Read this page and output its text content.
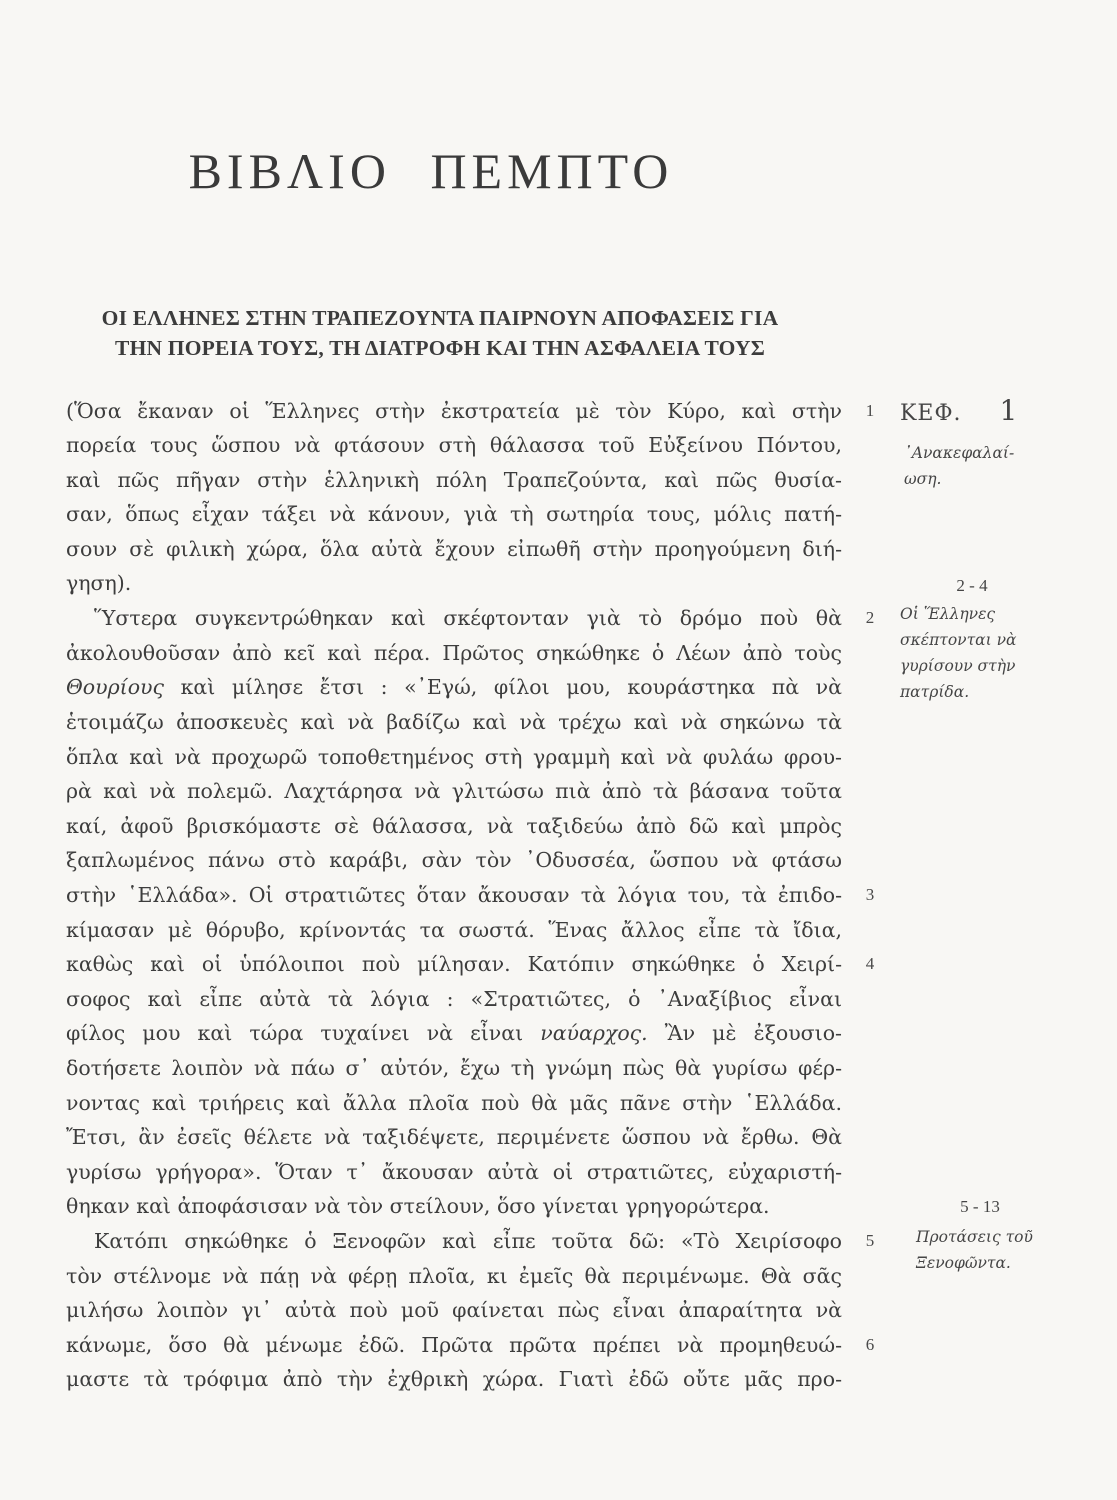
ΒΙΒΛΙΟ ΠΕΜΠΤΟ
ΟΙ ΕΛΛΗΝΕΣ ΣΤΗΝ ΤΡΑΠΕΖΟΥΝΤΑ ΠΑΙΡΝΟΥΝ ΑΠΟΦΑΣΕΙΣ ΓΙΑ
ΤΗΝ ΠΟΡΕΙΑ ΤΟΥΣ, ΤΗ ΔΙΑΤΡΟΦΗ ΚΑΙ ΤΗΝ ΑΣΦΑΛΕΙΑ ΤΟΥΣ
(Ὅσα ἔκαναν οἱ Ἕλληνες στὴν ἐκστρατεία μὲ τὸν Κύρο, καὶ στὴν
πορεία τους ὥσπου νὰ φτάσουν στὴ θάλασσα τοῦ Εὐξείνου Πόντου,
καὶ πῶς πῆγαν στὴν ἑλληνικὴ πόλη Τραπεζούντα, καὶ πῶς θυσία-
σαν, ὅπως εἶχαν τάξει νὰ κάνουν, γιὰ τὴ σωτηρία τους, μόλις πατή-
σουν σὲ φιλικὴ χώρα, ὅλα αὐτὰ ἔχουν εἰπωθῆ στὴν προηγούμενη διή-
γηση).
Ὕστερα συγκεντρώθηκαν καὶ σκέφτονταν γιὰ τὸ δρόμο ποὺ θὰ
ἀκολουθοῦσαν ἀπὸ κεῖ καὶ πέρα. Πρῶτος σηκώθηκε ὁ Λέων ἀπὸ τοὺς
Θουρίους καὶ μίλησε ἔτσι : «᾿Εγώ, φίλοι μου, κουράστηκα πὰ νὰ
ἑτοιμάζω ἀποσκευὲς καὶ νὰ βαδίζω καὶ νὰ τρέχω καὶ νὰ σηκώνω τὰ
ὅπλα καὶ νὰ προχωρῶ τοποθετημένος στὴ γραμμὴ καὶ νὰ φυλάω φρου-
ρὰ καὶ νὰ πολεμῶ. Λαχτάρησα νὰ γλιτώσω πιὰ ἀπὸ τὰ βάσανα τοῦτα
καί, ἀφοῦ βρισκόμαστε σὲ θάλασσα, νὰ ταξιδεύω ἀπὸ δῶ καὶ μπρὸς
ξαπλωμένος πάνω στὸ καράβι, σὰν τὸν ᾿Οδυσσέα, ὥσπου νὰ φτάσω
στὴν ῾Ελλάδα». Οἱ στρατιῶτες ὅταν ἄκουσαν τὰ λόγια του, τὰ ἐπιδο-
κίμασαν μὲ θόρυβο, κρίνοντάς τα σωστά. Ἕνας ἄλλος εἶπε τὰ ἴδια,
καθὼς καὶ οἱ ὑπόλοιποι ποὺ μίλησαν. Κατόπιν σηκώθηκε ὁ Χειρί-
σοφος καὶ εἶπε αὐτὰ τὰ λόγια : «Στρατιῶτες, ὁ ᾿Αναξίβιος εἶναι
φίλος μου καὶ τώρα τυχαίνει νὰ εἶναι ναύαρχος. Ἂν μὲ ἐξουσιο-
δοτήσετε λοιπὸν νὰ πάω σ᾿ αὐτόν, ἔχω τὴ γνώμη πὼς θὰ γυρίσω φέρ-
νοντας καὶ τριήρεις καὶ ἄλλα πλοῖα ποὺ θὰ μᾶς πᾶνε στὴν ῾Ελλάδα.
Ἔτσι, ἂν ἐσεῖς θέλετε νὰ ταξιδέψετε, περιμένετε ὥσπου νὰ ἔρθω. Θὰ
γυρίσω γρήγορα». Ὅταν τ᾿ ἄκουσαν αὐτὰ οἱ στρατιῶτες, εὐχαριστή-
θηκαν καὶ ἀποφάσισαν νὰ τὸν στείλουν, ὅσο γίνεται γρηγορώτερα.
Κατόπι σηκώθηκε ὁ Ξενοφῶν καὶ εἶπε τοῦτα δῶ: «Τὸ Χειρίσοφο
τὸν στέλνομε νὰ πάῃ νὰ φέρῃ πλοῖα, κι ἐμεῖς θὰ περιμένωμε. Θὰ σᾶς
μιλήσω λοιπὸν γι᾿ αὐτὰ ποὺ μοῦ φαίνεται πὼς εἶναι ἀπαραίτητα νὰ
κάνωμε, ὅσο θὰ μένωμε ἐδῶ. Πρῶτα πρῶτα πρέπει νὰ προμηθευώ-
μαστε τὰ τρόφιμα ἀπὸ τὴν ἐχθρικὴ χώρα. Γιατὶ ἐδῶ οὔτε μᾶς προ-
1
2
3
4
5
6
ΚΕΦ. 1
᾿Ανακεφαλαί-
ωση.
2 - 4
Οἱ Ἕλληνες
σκέπτονται νὰ
γυρίσουν στὴν
πατρίδα.
5 - 13
Προτάσεις τοῦ
Ξενοφῶντα.
